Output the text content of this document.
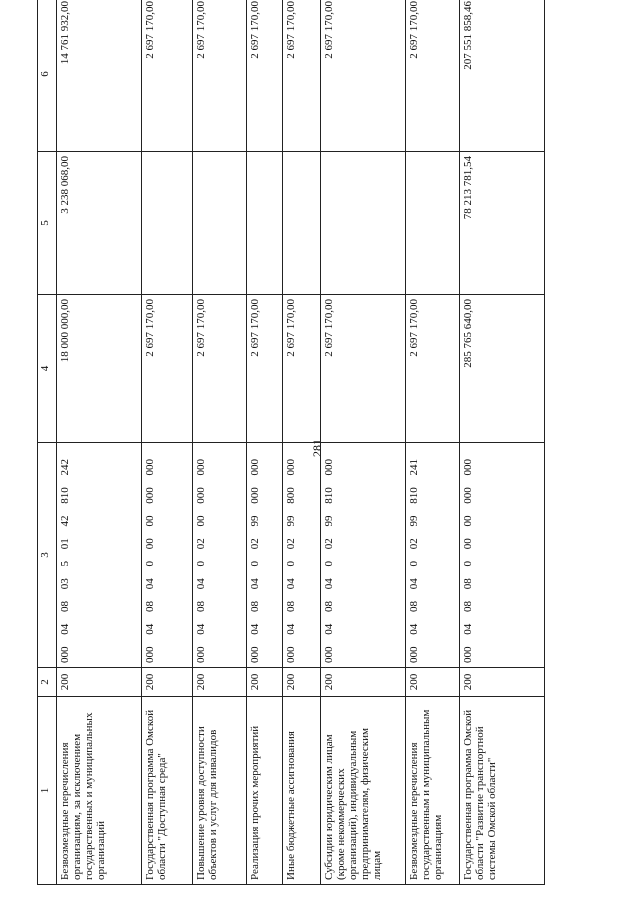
281
1	2	3	4	5	6
Безвозмездные перечисления организациям, за исключением государственных и муниципальных организаций	200	000 04 08 03 5 01 42 810 242	18 000 000,00	3 238 068,00	14 761 932,00
Государственная программа Омской области "Доступная среда"	200	000 04 08 04 0 00 00 000 000	2 697 170,00		2 697 170,00
Повышение уровня доступности объектов и услуг для инвалидов	200	000 04 08 04 0 02 00 000 000	2 697 170,00		2 697 170,00
Реализация прочих мероприятий	200	000 04 08 04 0 02 99 000 000	2 697 170,00		2 697 170,00
Иные бюджетные ассигнования	200	000 04 08 04 0 02 99 800 000	2 697 170,00		2 697 170,00
Субсидии юридическим лицам (кроме некоммерческих организаций), индивидуальным предпринимателям, физическим лицам	200	000 04 08 04 0 02 99 810 000	2 697 170,00		2 697 170,00
Безвозмездные перечисления государственным и муниципальным организациям	200	000 04 08 04 0 02 99 810 241	2 697 170,00		2 697 170,00
Государственная программа Омской области "Развитие транспортной системы Омской области"	200	000 04 08 08 0 00 00 000 000	285 765 640,00	78 213 781,54	207 551 858,46
